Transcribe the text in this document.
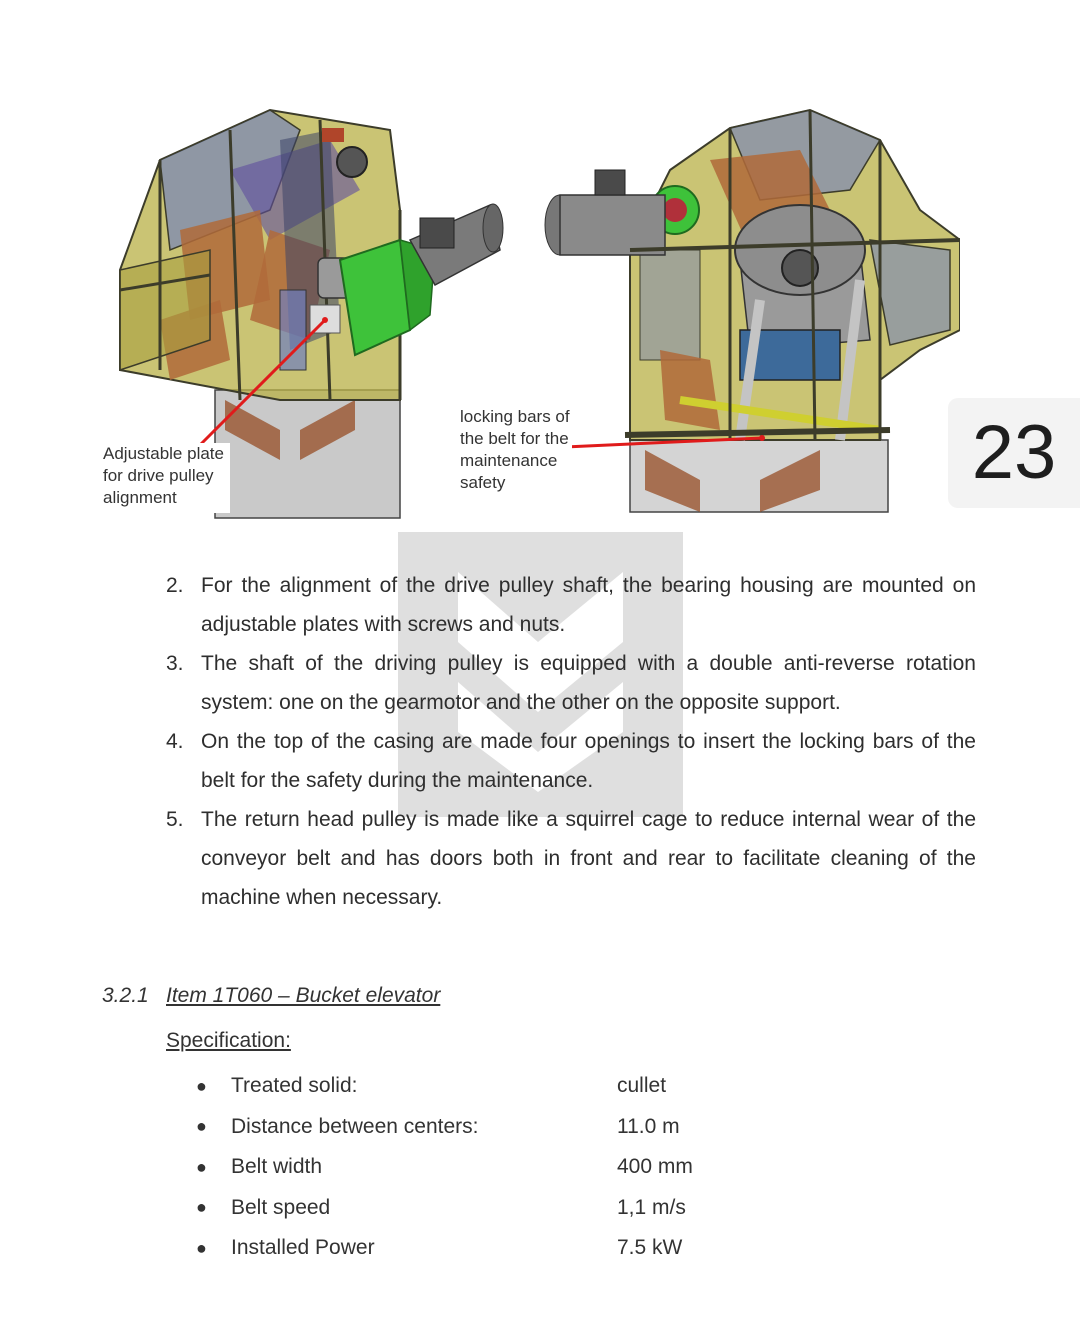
Adjustable plate
for drive pulley
alignment
locking bars of
the belt for the
maintenance
safety	23
2. For the alignment of the drive pulley shaft, the bearing housing are mounted on adjustable plates with screws and nuts.
3. The shaft of the driving pulley is equipped with a double anti-reverse rotation system: one on the gearmotor and the other on the opposite support.
4. On the top of the casing are made four openings to insert the locking bars of the belt for the safety during the maintenance.
5. The return head pulley is made like a squirrel cage to reduce internal wear of the conveyor belt and has doors both in front and rear to facilitate cleaning of the machine when necessary.
3.2.1 Item 1T060 – Bucket elevator
Specification:
●	Treated solid:	cullet
●	Distance between centers:	11.0 m
●	Belt width	400 mm
●	Belt speed	1,1 m/s
●	Installed Power	7.5 kW
